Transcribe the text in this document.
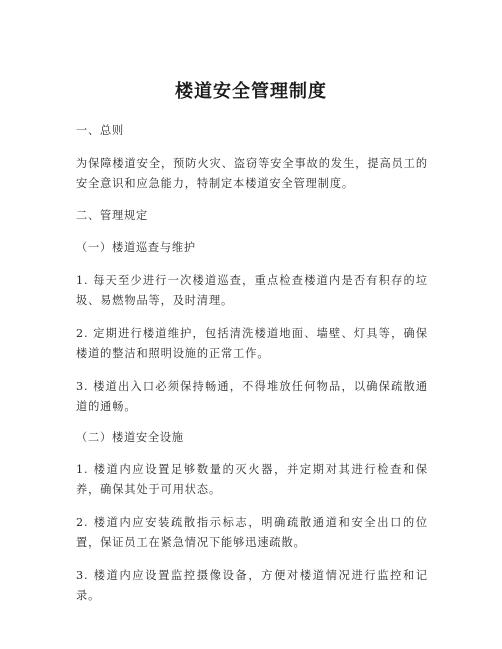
楼道安全管理制度
一、总则
为保障楼道安全，预防火灾、盗窃等安全事故的发生，提高员工的安全意识和应急能力，特制定本楼道安全管理制度。
二、管理规定
（一）楼道巡查与维护
1. 每天至少进行一次楼道巡查，重点检查楼道内是否有积存的垃圾、易燃物品等，及时清理。
2. 定期进行楼道维护，包括清洗楼道地面、墙壁、灯具等，确保楼道的整洁和照明设施的正常工作。
3. 楼道出入口必须保持畅通，不得堆放任何物品，以确保疏散通道的通畅。
（二）楼道安全设施
1. 楼道内应设置足够数量的灭火器，并定期对其进行检查和保养，确保其处于可用状态。
2. 楼道内应安装疏散指示标志，明确疏散通道和安全出口的位置，保证员工在紧急情况下能够迅速疏散。
3. 楼道内应设置监控摄像设备，方便对楼道情况进行监控和记录。
